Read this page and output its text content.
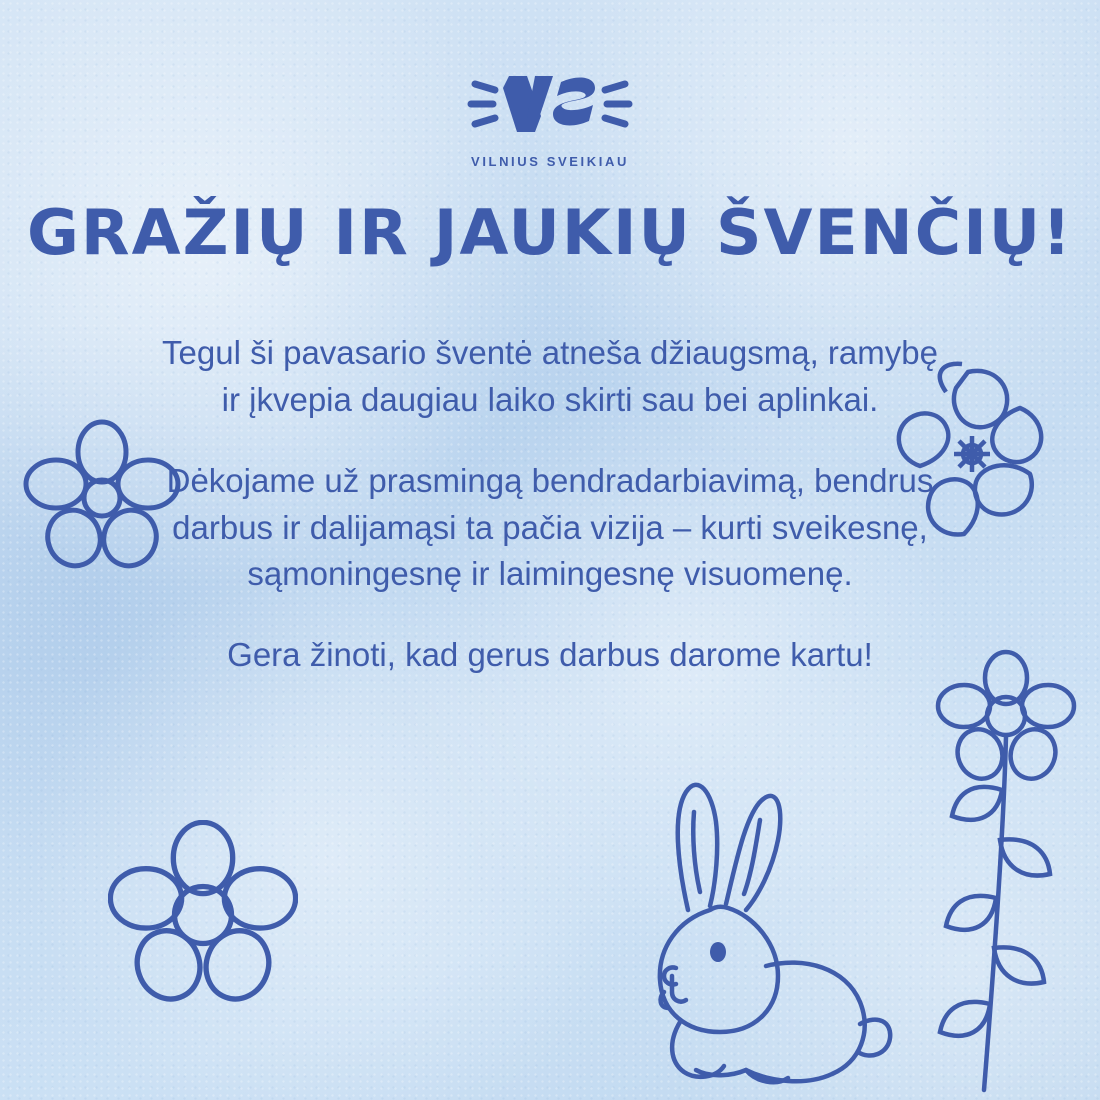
VILNIUS SVEIKIAU
GRAŽIŲ IR JAUKIŲ ŠVENČIŲ!

Tegul ši pavasario šventė atneša džiaugsmą, ramybę ir įkvepia daugiau laiko skirti sau bei aplinkai.

Dėkojame už prasmingą bendradarbiavimą, bendrus darbus ir dalijamąsi ta pačia vizija – kurti sveikesnę, sąmoningesnę ir laimingesnę visuomenę.

Gera žinoti, kad gerus darbus darome kartu!
